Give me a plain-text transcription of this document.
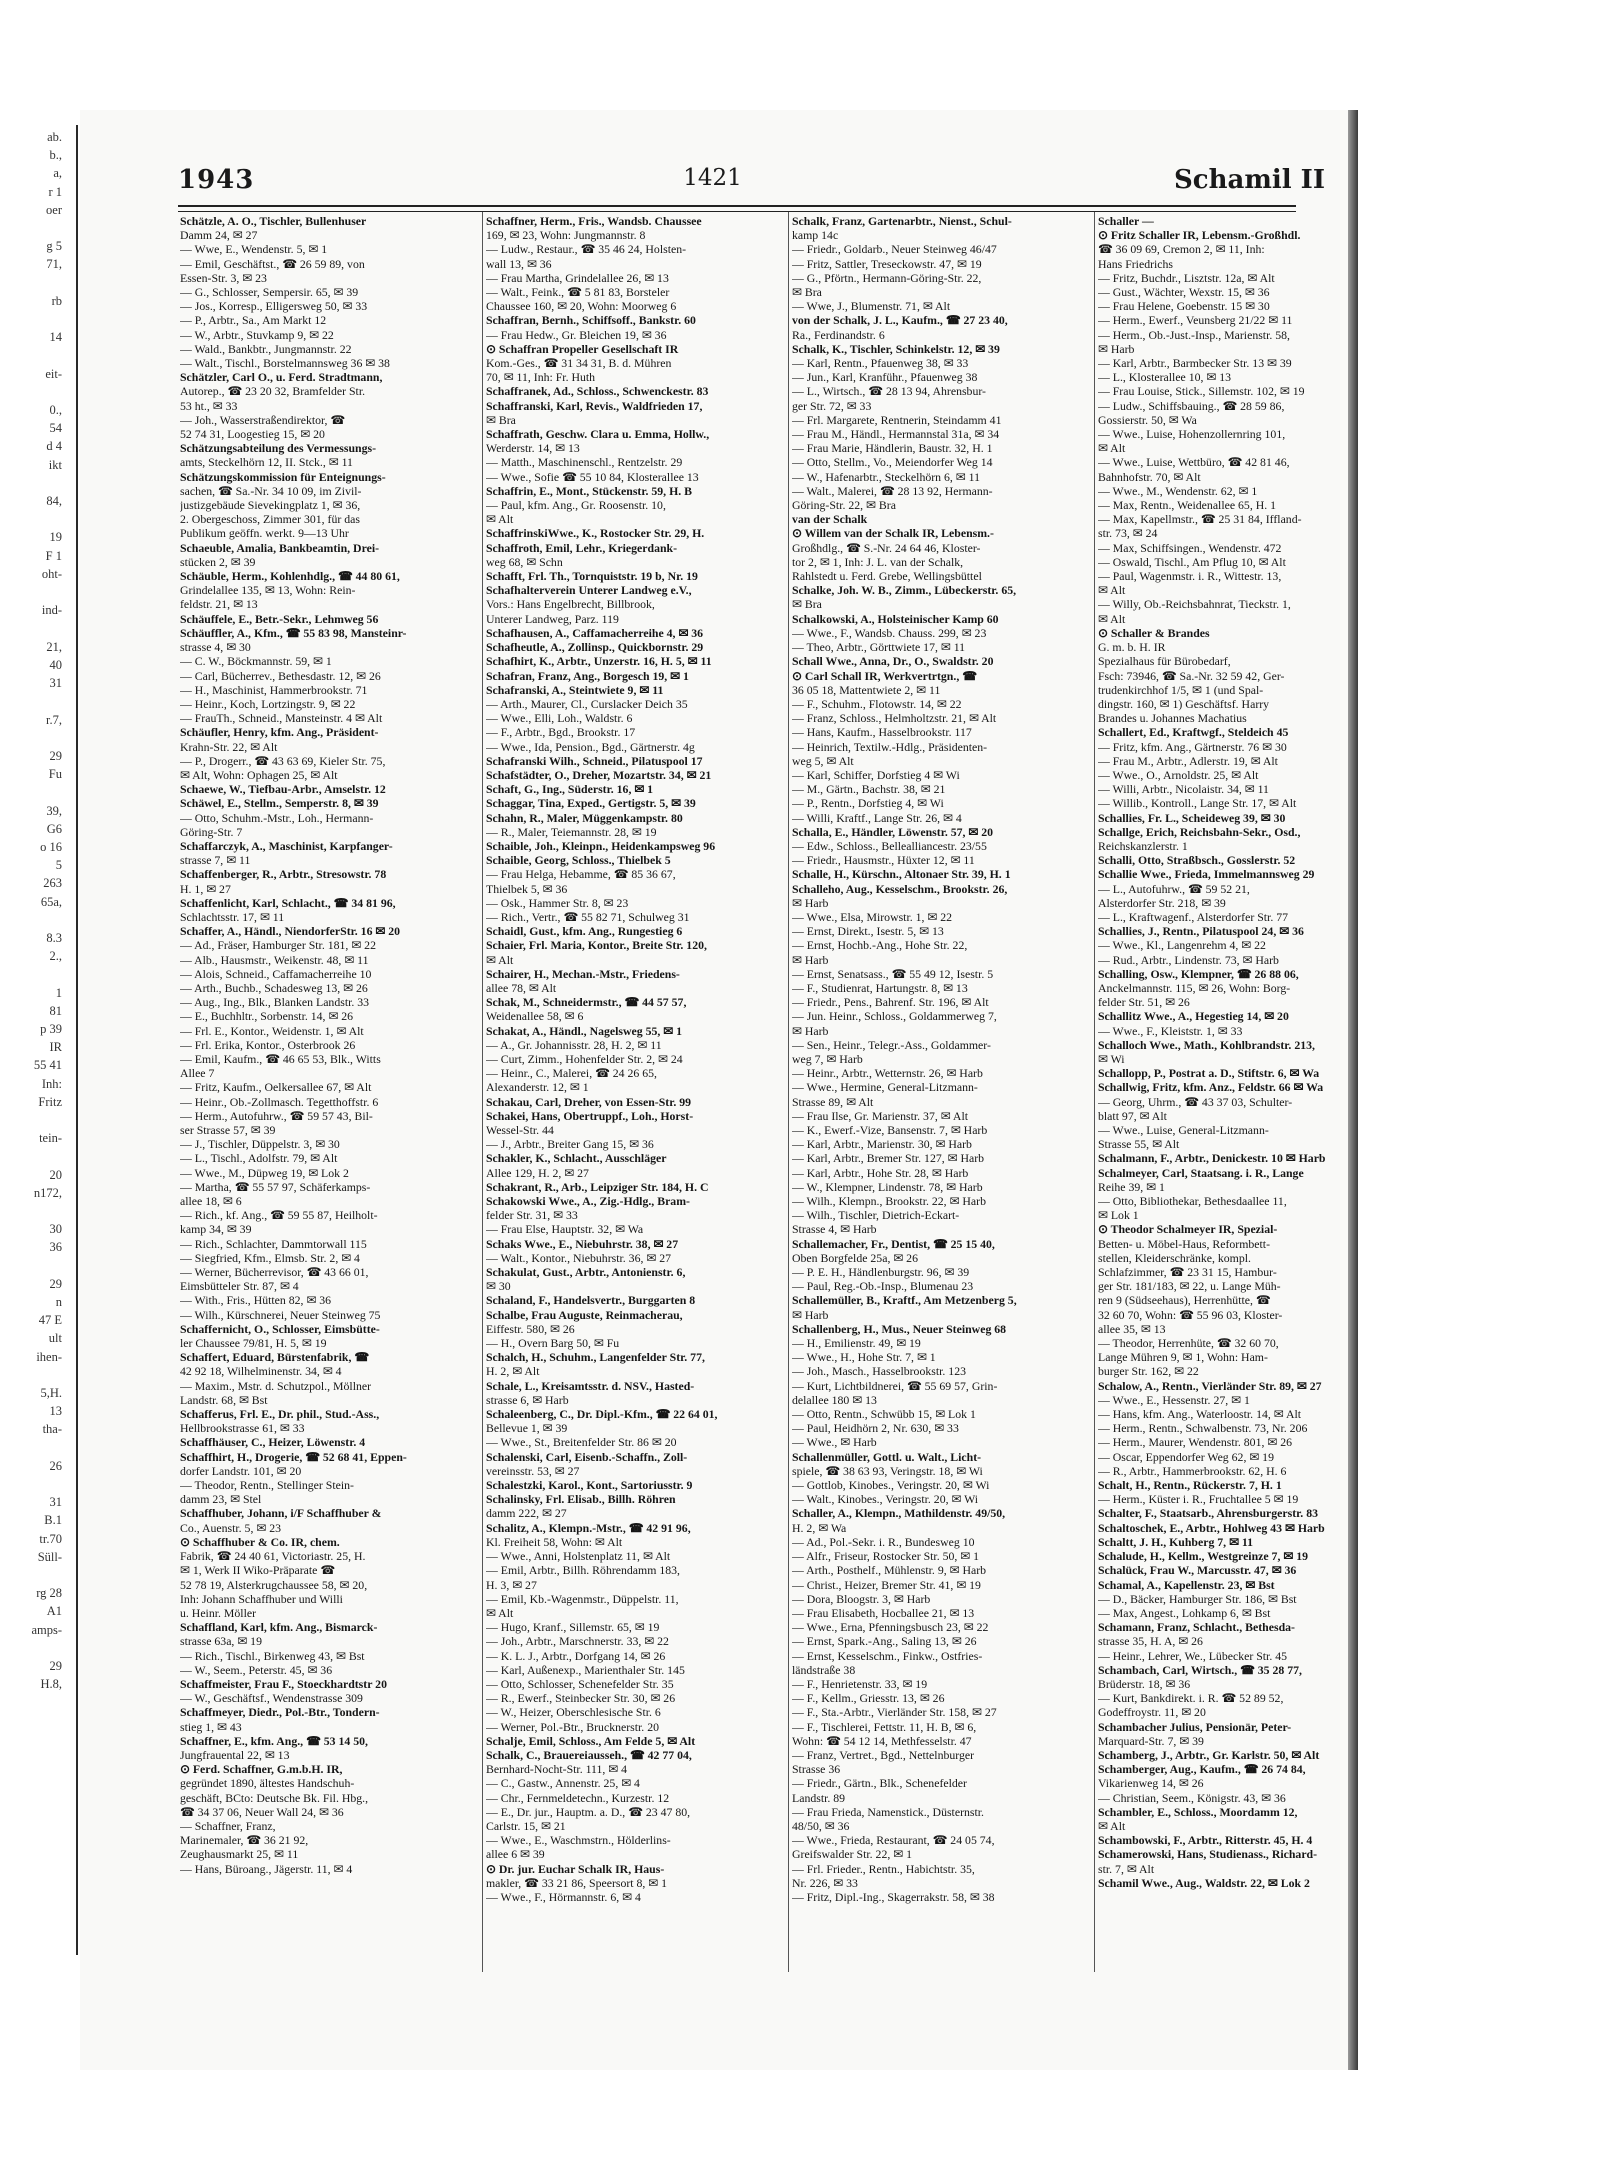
ab.
b.,
a,
r 1
oer

g 5
71,

rb

14

eit-

0.,
54
d 4
ikt

84,

19
F 1
oht-

ind-

21,
40
31

r.7,

29
Fu

39,
G6
o 16
5
263
65a,

8.3
2.,

1
81
p 39
IR
55 41
Inh:
Fritz

tein-

20
n172,

30
36

29
n
47 E
ult
ihen-

5,H.
13
tha-

26

31
B.1
tr.70
Süll-

rg 28
A1
amps-

29
H.8,
1943	1421	Schamil II
Schätzle, A. O., Tischler, Bullenhuser
Damm 24, ✉ 27
— Wwe, E., Wendenstr. 5, ✉ 1
— Emil, Geschäftst., ☎ 26 59 89, von
Essen-Str. 3, ✉ 23
— G., Schlosser, Sempersir. 65, ✉ 39
— Jos., Korresp., Elligersweg 50, ✉ 33
— P., Arbtr., Sa., Am Markt 12
— W., Arbtr., Stuvkamp 9, ✉ 22
— Wald., Bankbtr., Jungmannstr. 22
— Walt., Tischl., Borstelmannsweg 36 ✉ 38
Schätzler, Carl O., u. Ferd. Stradtmann,
Autorep., ☎ 23 20 32, Bramfelder Str.
53 ht., ✉ 33
— Joh., Wasserstraßendirektor, ☎
52 74 31, Loogestieg 15, ✉ 20
Schätzungsabteilung des Vermessungs-
amts, Steckelhörn 12, II. Stck., ✉ 11
Schätzungskommission für Enteignungs-
sachen, ☎ Sa.-Nr. 34 10 09, im Zivil-
justizgebäude Sievekingplatz 1, ✉ 36,
2. Obergeschoss, Zimmer 301, für das
Publikum geöffn. werkt. 9—13 Uhr
Schaeuble, Amalia, Bankbeamtin, Drei-
stücken 2, ✉ 39
Schäuble, Herm., Kohlenhdlg., ☎ 44 80 61,
Grindelallee 135, ✉ 13, Wohn: Rein-
feldstr. 21, ✉ 13
Schäuffele, E., Betr.-Sekr., Lehmweg 56
Schäuffler, A., Kfm., ☎ 55 83 98, Mansteinr-
strasse 4, ✉ 30
— C. W., Böckmannstr. 59, ✉ 1
— Carl, Bücherrev., Bethesdastr. 12, ✉ 26
— H., Maschinist, Hammerbrookstr. 71
— Heinr., Koch, Lortzingstr. 9, ✉ 22
— FrauTh., Schneid., Mansteinstr. 4 ✉ Alt
Schäufler, Henry, kfm. Ang., Präsident-
Krahn-Str. 22, ✉ Alt
— P., Drogerr., ☎ 43 63 69, Kieler Str. 75,
✉ Alt, Wohn: Ophagen 25, ✉ Alt
Schaewe, W., Tiefbau-Arbr., Amselstr. 12
Schäwel, E., Stellm., Semperstr. 8, ✉ 39
— Otto, Schuhm.-Mstr., Loh., Hermann-
Göring-Str. 7
Schaffarczyk, A., Maschinist, Karpfanger-
strasse 7, ✉ 11
Schaffenberger, R., Arbtr., Stresowstr. 78
H. 1, ✉ 27
Schaffenlicht, Karl, Schlacht., ☎ 34 81 96,
Schlachtsstr. 17, ✉ 11
Schaffer, A., Händl., NiendorferStr. 16 ✉ 20
— Ad., Fräser, Hamburger Str. 181, ✉ 22
— Alb., Hausmstr., Weikenstr. 48, ✉ 11
— Alois, Schneid., Caffamacherreihe 10
— Arth., Buchb., Schadesweg 13, ✉ 26
— Aug., Ing., Blk., Blanken Landstr. 33
— E., Buchhltr., Sorbenstr. 14, ✉ 26
— Frl. E., Kontor., Weidenstr. 1, ✉ Alt
— Frl. Erika, Kontor., Osterbrook 26
— Emil, Kaufm., ☎ 46 65 53, Blk., Witts
Allee 7
— Fritz, Kaufm., Oelkersallee 67, ✉ Alt
— Heinr., Ob.-Zollmasch. Tegetthoffstr. 6
— Herm., Autofuhrw., ☎ 59 57 43, Bil-
ser Strasse 57, ✉ 39
— J., Tischler, Düppelstr. 3, ✉ 30
— L., Tischl., Adolfstr. 79, ✉ Alt
— Wwe., M., Düpweg 19, ✉ Lok 2
— Martha, ☎ 55 57 97, Schäferkamps-
allee 18, ✉ 6
— Rich., kf. Ang., ☎ 59 55 87, Heilholt-
kamp 34, ✉ 39
— Rich., Schlachter, Dammtorwall 115
— Siegfried, Kfm., Elmsb. Str. 2, ✉ 4
— Werner, Bücherrevisor, ☎ 43 66 01,
Eimsbütteler Str. 87, ✉ 4
— With., Fris., Hütten 82, ✉ 36
— Wilh., Kürschnerei, Neuer Steinweg 75
Schaffernicht, O., Schlosser, Eimsbütte-
ler Chaussee 79/81, H. 5, ✉ 19
Schaffert, Eduard, Bürstenfabrik, ☎
42 92 18, Wilhelminenstr. 34, ✉ 4
— Maxim., Mstr. d. Schutzpol., Möllner
Landstr. 68, ✉ Bst
Schafferus, Frl. E., Dr. phil., Stud.-Ass.,
Hellbrookstrasse 61, ✉ 33
Schaffhäuser, C., Heizer, Löwenstr. 4
Schaffhirt, H., Drogerie, ☎ 52 68 41, Eppen-
dorfer Landstr. 101, ✉ 20
— Theodor, Rentn., Stellinger Stein-
damm 23, ✉ Stel
Schaffhuber, Johann, i/F Schaffhuber &
Co., Auenstr. 5, ✉ 23
⊙ Schaffhuber & Co. IR, chem.
Fabrik, ☎ 24 40 61, Victoriastr. 25, H.
✉ 1, Werk II Wiko-Präparate ☎
52 78 19, Alsterkrugchaussee 58, ✉ 20,
Inh: Johann Schaffhuber und Willi
u. Heinr. Möller
Schaffland, Karl, kfm. Ang., Bismarck-
strasse 63a, ✉ 19
— Rich., Tischl., Birkenweg 43, ✉ Bst
— W., Seem., Peterstr. 45, ✉ 36
Schaffmeister, Frau F., Stoeckhardtstr 20
— W., Geschäftsf., Wendenstrasse 309
Schaffmeyer, Diedr., Pol.-Btr., Tondern-
stieg 1, ✉ 43
Schaffner, E., kfm. Ang., ☎ 53 14 50,
Jungfrauental 22, ✉ 13
⊙ Ferd. Schaffner, G.m.b.H. IR,
gegründet 1890, ältestes Handschuh-
geschäft, BCto: Deutsche Bk. Fil. Hbg.,
☎ 34 37 06, Neuer Wall 24, ✉ 36
— Schaffner, Franz,
Marinemaler, ☎ 36 21 92,
Zeughausmarkt 25, ✉ 11
— Hans, Büroang., Jägerstr. 11, ✉ 4
Schaffner, Herm., Fris., Wandsb. Chaussee
169, ✉ 23, Wohn: Jungmannstr. 8
— Ludw., Restaur., ☎ 35 46 24, Holsten-
wall 13, ✉ 36
— Frau Martha, Grindelallee 26, ✉ 13
— Walt., Feink., ☎ 5 81 83, Borsteler
Chaussee 160, ✉ 20, Wohn: Moorweg 6
Schaffran, Bernh., Schiffsoff., Bankstr. 60
— Frau Hedw., Gr. Bleichen 19, ✉ 36
⊙ Schaffran Propeller Gesellschaft IR
Kom.-Ges., ☎ 31 34 31, B. d. Mühren
70, ✉ 11, Inh: Fr. Huth
Schaffranek, Ad., Schloss., Schwenckestr. 83
Schaffranski, Karl, Revis., Waldfrieden 17,
✉ Bra
Schaffrath, Geschw. Clara u. Emma, Hollw.,
Werderstr. 14, ✉ 13
— Matth., Maschinenschl., Rentzelstr. 29
— Wwe., Sofie ☎ 55 10 84, Klosterallee 13
Schaffrin, E., Mont., Stückenstr. 59, H. B
— Paul, kfm. Ang., Gr. Roosenstr. 10,
✉ Alt
SchaffrinskiWwe., K., Rostocker Str. 29, H.
Schaffroth, Emil, Lehr., Kriegerdank-
weg 68, ✉ Schn
Schafft, Frl. Th., Tornquiststr. 19 b, Nr. 19
Schafhalterverein Unterer Landweg e.V.,
Vors.: Hans Engelbrecht, Billbrook,
Unterer Landweg, Parz. 119
Schafhausen, A., Caffamacherreihe 4, ✉ 36
Schafheutle, A., Zollinsp., Quickbornstr. 29
Schafhirt, K., Arbtr., Unzerstr. 16, H. 5, ✉ 11
Schafran, Franz, Ang., Borgesch 19, ✉ 1
Schafranski, A., Steintwiete 9, ✉ 11
— Arth., Maurer, Cl., Curslacker Deich 35
— Wwe., Elli, Loh., Waldstr. 6
— F., Arbtr., Bgd., Brookstr. 17
— Wwe., Ida, Pension., Bgd., Gärtnerstr. 4g
Schafranski Wilh., Schneid., Pilatuspool 17
Schafstädter, O., Dreher, Mozartstr. 34, ✉ 21
Schaft, G., Ing., Süderstr. 16, ✉ 1
Schaggar, Tina, Exped., Gertigstr. 5, ✉ 39
Schahn, R., Maler, Müggenkampstr. 80
— R., Maler, Teiemannstr. 28, ✉ 19
Schaible, Joh., Kleinpn., Heidenkampsweg 96
Schaible, Georg, Schloss., Thielbek 5
— Frau Helga, Hebamme, ☎ 85 36 67,
Thielbek 5, ✉ 36
— Osk., Hammer Str. 8, ✉ 23
— Rich., Vertr., ☎ 55 82 71, Schulweg 31
Schaidl, Gust., kfm. Ang., Rungestieg 6
Schaier, Frl. Maria, Kontor., Breite Str. 120,
✉ Alt
Schairer, H., Mechan.-Mstr., Friedens-
allee 78, ✉ Alt
Schak, M., Schneidermstr., ☎ 44 57 57,
Weidenallee 58, ✉ 6
Schakat, A., Händl., Nagelsweg 55, ✉ 1
— A., Gr. Johannisstr. 28, H. 2, ✉ 11
— Curt, Zimm., Hohenfelder Str. 2, ✉ 24
— Heinr., C., Malerei, ☎ 24 26 65,
Alexanderstr. 12, ✉ 1
Schakau, Carl, Dreher, von Essen-Str. 99
Schakei, Hans, Obertruppf., Loh., Horst-
Wessel-Str. 44
— J., Arbtr., Breiter Gang 15, ✉ 36
Schakler, K., Schlacht., Ausschläger
Allee 129, H. 2, ✉ 27
Schakrant, R., Arb., Leipziger Str. 184, H. C
Schakowski Wwe., A., Zig.-Hdlg., Bram-
felder Str. 31, ✉ 33
— Frau Else, Hauptstr. 32, ✉ Wa
Schaks Wwe., E., Niebuhrstr. 38, ✉ 27
— Walt., Kontor., Niebuhrstr. 36, ✉ 27
Schakulat, Gust., Arbtr., Antonienstr. 6,
✉ 30
Schaland, F., Handelsvertr., Burggarten 8
Schalbe, Frau Auguste, Reinmacherau,
Eiffestr. 580, ✉ 26
— H., Overn Barg 50, ✉ Fu
Schalch, H., Schuhm., Langenfelder Str. 77,
H. 2, ✉ Alt
Schale, L., Kreisamtsstr. d. NSV., Hasted-
strasse 6, ✉ Harb
Schaleenberg, C., Dr. Dipl.-Kfm., ☎ 22 64 01,
Bellevue 1, ✉ 39
— Wwe., St., Breitenfelder Str. 86 ✉ 20
Schalenski, Carl, Eisenb.-Schaffn., Zoll-
vereinsstr. 53, ✉ 27
Schalestzki, Karol., Kont., Sartoriusstr. 9
Schalinsky, Frl. Elisab., Billh. Röhren
damm 222, ✉ 27
Schalitz, A., Klempn.-Mstr., ☎ 42 91 96,
Kl. Freiheit 58, Wohn: ✉ Alt
— Wwe., Anni, Holstenplatz 11, ✉ Alt
— Emil, Arbtr., Billh. Röhrendamm 183,
H. 3, ✉ 27
— Emil, Kb.-Wagenmstr., Düppelstr. 11,
✉ Alt
— Hugo, Kranf., Sillemstr. 65, ✉ 19
— Joh., Arbtr., Marschnerstr. 33, ✉ 22
— K. L. J., Arbtr., Dorfgang 14, ✉ 26
— Karl, Außenexp., Marienthaler Str. 145
— Otto, Schlosser, Schenefelder Str. 35
— R., Ewerf., Steinbecker Str. 30, ✉ 26
— W., Heizer, Oberschlesische Str. 6
— Werner, Pol.-Btr., Brucknerstr. 20
Schalje, Emil, Schloss., Am Felde 5, ✉ Alt
Schalk, C., Brauereiausseh., ☎ 42 77 04,
Bernhard-Nocht-Str. 111, ✉ 4
— C., Gastw., Annenstr. 25, ✉ 4
— Chr., Fernmeldetechn., Kurzestr. 12
— E., Dr. jur., Hauptm. a. D., ☎ 23 47 80,
Carlstr. 15, ✉ 21
— Wwe., E., Waschmstrn., Hölderlins-
allee 6 ✉ 39
⊙ Dr. jur. Euchar Schalk IR, Haus-
makler, ☎ 33 21 86, Speersort 8, ✉ 1
— Wwe., F., Hörmannstr. 6, ✉ 4
Schalk, Franz, Gartenarbtr., Nienst., Schul-
kamp 14c
— Friedr., Goldarb., Neuer Steinweg 46/47
— Fritz, Sattler, Treseckowstr. 47, ✉ 19
— G., Pförtn., Hermann-Göring-Str. 22,
✉ Bra
— Wwe, J., Blumenstr. 71, ✉ Alt
von der Schalk, J. L., Kaufm., ☎ 27 23 40,
Ra., Ferdinandstr. 6
Schalk, K., Tischler, Schinkelstr. 12, ✉ 39
— Karl, Rentn., Pfauenweg 38, ✉ 33
— Jun., Karl, Kranführ., Pfauenweg 38
— L., Wirtsch., ☎ 28 13 94, Ahrensbur-
ger Str. 72, ✉ 33
— Frl. Margarete, Rentnerin, Steindamm 41
— Frau M., Händl., Hermannstal 31a, ✉ 34
— Frau Marie, Händlerin, Baustr. 32, H. 1
— Otto, Stellm., Vo., Meiendorfer Weg 14
— W., Hafenarbtr., Steckelhörn 6, ✉ 11
— Walt., Malerei, ☎ 28 13 92, Hermann-
Göring-Str. 22, ✉ Bra
van der Schalk
⊙ Willem van der Schalk IR, Lebensm.-
Großhdlg., ☎ S.-Nr. 24 64 46, Kloster-
tor 2, ✉ 1, Inh: J. L. van der Schalk,
Rahlstedt u. Ferd. Grebe, Wellingsbüttel
Schalke, Joh. W. B., Zimm., Lübeckerstr. 65,
✉ Bra
Schalkowski, A., Holsteinischer Kamp 60
— Wwe., F., Wandsb. Chauss. 299, ✉ 23
— Theo, Arbtr., Görttwiete 17, ✉ 11
Schall Wwe., Anna, Dr., O., Swaldstr. 20
⊙ Carl Schall IR, Werkvertrtgn., ☎
36 05 18, Mattentwiete 2, ✉ 11
— F., Schuhm., Flotowstr. 14, ✉ 22
— Franz, Schloss., Helmholtzstr. 21, ✉ Alt
— Hans, Kaufm., Hasselbrookstr. 117
— Heinrich, Textilw.-Hdlg., Präsidenten-
weg 5, ✉ Alt
— Karl, Schiffer, Dorfstieg 4 ✉ Wi
— M., Gärtn., Bachstr. 38, ✉ 21
— P., Rentn., Dorfstieg 4, ✉ Wi
— Willi, Kraftf., Lange Str. 26, ✉ 4
Schalla, E., Händler, Löwenstr. 57, ✉ 20
— Edw., Schloss., Bellealliancestr. 23/55
— Friedr., Hausmstr., Hüxter 12, ✉ 11
Schalle, H., Kürschn., Altonaer Str. 39, H. 1
Schalleho, Aug., Kesselschm., Brookstr. 26,
✉ Harb
— Wwe., Elsa, Mirowstr. 1, ✉ 22
— Ernst, Direkt., Isestr. 5, ✉ 13
— Ernst, Hochb.-Ang., Hohe Str. 22,
✉ Harb
— Ernst, Senatsass., ☎ 55 49 12, Isestr. 5
— F., Studienrat, Hartungstr. 8, ✉ 13
— Friedr., Pens., Bahrenf. Str. 196, ✉ Alt
— Jun. Heinr., Schloss., Goldammerweg 7,
✉ Harb
— Sen., Heinr., Telegr.-Ass., Goldammer-
weg 7, ✉ Harb
— Heinr., Arbtr., Wetternstr. 26, ✉ Harb
— Wwe., Hermine, General-Litzmann-
Strasse 89, ✉ Alt
— Frau Ilse, Gr. Marienstr. 37, ✉ Alt
— K., Ewerf.-Vize, Bansenstr. 7, ✉ Harb
— Karl, Arbtr., Marienstr. 30, ✉ Harb
— Karl, Arbtr., Bremer Str. 127, ✉ Harb
— Karl, Arbtr., Hohe Str. 28, ✉ Harb
— W., Klempner, Lindenstr. 78, ✉ Harb
— Wilh., Klempn., Brookstr. 22, ✉ Harb
— Wilh., Tischler, Dietrich-Eckart-
Strasse 4, ✉ Harb
Schallemacher, Fr., Dentist, ☎ 25 15 40,
Oben Borgfelde 25a, ✉ 26
— P. E. H., Händlenburgstr. 96, ✉ 39
— Paul, Reg.-Ob.-Insp., Blumenau 23
Schallemüller, B., Kraftf., Am Metzenberg 5,
✉ Harb
Schallenberg, H., Mus., Neuer Steinweg 68
— H., Emilienstr. 49, ✉ 19
— Wwe., H., Hohe Str. 7, ✉ 1
— Joh., Masch., Hasselbrookstr. 123
— Kurt, Lichtbildnerei, ☎ 55 69 57, Grin-
delallee 180 ✉ 13
— Otto, Rentn., Schwübb 15, ✉ Lok 1
— Paul, Heidhörn 2, Nr. 630, ✉ 33
— Wwe., ✉ Harb
Schallenmüller, Gottl. u. Walt., Licht-
spiele, ☎ 38 63 93, Veringstr. 18, ✉ Wi
— Gottlob, Kinobes., Veringstr. 20, ✉ Wi
— Walt., Kinobes., Veringstr. 20, ✉ Wi
Schaller, A., Klempn., Mathildenstr. 49/50,
H. 2, ✉ Wa
— Ad., Pol.-Sekr. i. R., Bundesweg 10
— Alfr., Friseur, Rostocker Str. 50, ✉ 1
— Arth., Posthelf., Mühlenstr. 9, ✉ Harb
— Christ., Heizer, Bremer Str. 41, ✉ 19
— Dora, Bloogstr. 3, ✉ Harb
— Frau Elisabeth, Hocballee 21, ✉ 13
— Wwe., Erna, Pfenningsbusch 23, ✉ 22
— Ernst, Spark.-Ang., Saling 13, ✉ 26
— Ernst, Kesselschm., Finkw., Ostfries-
ländstraße 38
— F., Henrietenstr. 33, ✉ 19
— F., Kellm., Griesstr. 13, ✉ 26
— F., Sta.-Arbtr., Vierländer Str. 158, ✉ 27
— F., Tischlerei, Fettstr. 11, H. B, ✉ 6,
Wohn: ☎ 54 12 14, Methfesselstr. 47
— Franz, Vertret., Bgd., Nettelnburger
Strasse 36
— Friedr., Gärtn., Blk., Schenefelder
Landstr. 89
— Frau Frieda, Namenstick., Düsternstr.
48/50, ✉ 36
— Wwe., Frieda, Restaurant, ☎ 24 05 74,
Greifswalder Str. 22, ✉ 1
— Frl. Frieder., Rentn., Habichtstr. 35,
Nr. 226, ✉ 33
— Fritz, Dipl.-Ing., Skagerrakstr. 58, ✉ 38
Schaller —
⊙ Fritz Schaller IR, Lebensm.-Großhdl.
☎ 36 09 69, Cremon 2, ✉ 11, Inh:
Hans Friedrichs
— Fritz, Buchdr., Lisztstr. 12a, ✉ Alt
— Gust., Wächter, Wexstr. 15, ✉ 36
— Frau Helene, Goebenstr. 15 ✉ 30
— Herm., Ewerf., Veunsberg 21/22 ✉ 11
— Herm., Ob.-Just.-Insp., Marienstr. 58,
✉ Harb
— Karl, Arbtr., Barmbecker Str. 13 ✉ 39
— L., Klosterallee 10, ✉ 13
— Frau Louise, Stick., Sillemstr. 102, ✉ 19
— Ludw., Schiffsbauing., ☎ 28 59 86,
Gossierstr. 50, ✉ Wa
— Wwe., Luise, Hohenzollernring 101,
✉ Alt
— Wwe., Luise, Wettbüro, ☎ 42 81 46,
Bahnhofstr. 70, ✉ Alt
— Wwe., M., Wendenstr. 62, ✉ 1
— Max, Rentn., Weidenallee 65, H. 1
— Max, Kapellmstr., ☎ 25 31 84, Iffland-
str. 73, ✉ 24
— Max, Schiffsingen., Wendenstr. 472
— Oswald, Tischl., Am Pflug 10, ✉ Alt
— Paul, Wagenmstr. i. R., Wittestr. 13,
✉ Alt
— Willy, Ob.-Reichsbahnrat, Tieckstr. 1,
✉ Alt
⊙ Schaller & Brandes
G. m. b. H. IR
Spezialhaus für Bürobedarf,
Fsch: 73946, ☎ Sa.-Nr. 32 59 42, Ger-
trudenkirchhof 1/5, ✉ 1 (und Spal-
dingstr. 160, ✉ 1) Geschäftsf. Harry
Brandes u. Johannes Machatius
Schallert, Ed., Kraftwgf., Steldeich 45
— Fritz, kfm. Ang., Gärtnerstr. 76 ✉ 30
— Frau M., Arbtr., Adlerstr. 19, ✉ Alt
— Wwe., O., Arnoldstr. 25, ✉ Alt
— Willi, Arbtr., Nicolaistr. 34, ✉ 11
— Willib., Kontroll., Lange Str. 17, ✉ Alt
Schallies, Fr. L., Scheideweg 39, ✉ 30
Schallge, Erich, Reichsbahn-Sekr., Osd.,
Reichskanzlerstr. 1
Schalli, Otto, Straßbsch., Gosslerstr. 52
Schallie Wwe., Frieda, Immelmannsweg 29
— L., Autofuhrw., ☎ 59 52 21,
Alsterdorfer Str. 218, ✉ 39
— L., Kraftwagenf., Alsterdorfer Str. 77
Schallies, J., Rentn., Pilatuspool 24, ✉ 36
— Wwe., Kl., Langenrehm 4, ✉ 22
— Rud., Arbtr., Lindenstr. 73, ✉ Harb
Schalling, Osw., Klempner, ☎ 26 88 06,
Anckelmannstr. 115, ✉ 26, Wohn: Borg-
felder Str. 51, ✉ 26
Schallitz Wwe., A., Hegestieg 14, ✉ 20
— Wwe., F., Kleiststr. 1, ✉ 33
Schalloch Wwe., Math., Kohlbrandstr. 213,
✉ Wi
Schallopp, P., Postrat a. D., Stiftstr. 6, ✉ Wa
Schallwig, Fritz, kfm. Anz., Feldstr. 66 ✉ Wa
— Georg, Uhrm., ☎ 43 37 03, Schulter-
blatt 97, ✉ Alt
— Wwe., Luise, General-Litzmann-
Strasse 55, ✉ Alt
Schalmann, F., Arbtr., Denickestr. 10 ✉ Harb
Schalmeyer, Carl, Staatsang. i. R., Lange
Reihe 39, ✉ 1
— Otto, Bibliothekar, Bethesdaallee 11,
✉ Lok 1
⊙ Theodor Schalmeyer IR, Spezial-
Betten- u. Möbel-Haus, Reformbett-
stellen, Kleiderschränke, kompl.
Schlafzimmer, ☎ 23 31 15, Hambur-
ger Str. 181/183, ✉ 22, u. Lange Müh-
ren 9 (Südseehaus), Herrenhütte, ☎
32 60 70, Wohn: ☎ 55 96 03, Kloster-
allee 35, ✉ 13
— Theodor, Herrenhüte, ☎ 32 60 70,
Lange Mühren 9, ✉ 1, Wohn: Ham-
burger Str. 162, ✉ 22
Schalow, A., Rentn., Vierländer Str. 89, ✉ 27
— Wwe., E., Hessenstr. 27, ✉ 1
— Hans, kfm. Ang., Waterloostr. 14, ✉ Alt
— Herm., Rentn., Schwalbenstr. 73, Nr. 206
— Herm., Maurer, Wendenstr. 801, ✉ 26
— Oscar, Eppendorfer Weg 62, ✉ 19
— R., Arbtr., Hammerbrookstr. 62, H. 6
Schalt, H., Rentn., Rückerstr. 7, H. 1
— Herm., Küster i. R., Fruchtallee 5 ✉ 19
Schalter, F., Staatsarb., Ahrensburgerstr. 83
Schaltoschek, E., Arbtr., Hohlweg 43 ✉ Harb
Schaltt, J. H., Kuhberg 7, ✉ 11
Schalude, H., Kellm., Westgreinze 7, ✉ 19
Schalück, Frau W., Marcusstr. 47, ✉ 36
Schamal, A., Kapellenstr. 23, ✉ Bst
— D., Bäcker, Hamburger Str. 186, ✉ Bst
— Max, Angest., Lohkamp 6, ✉ Bst
Schamann, Franz, Schlacht., Bethesda-
strasse 35, H. A, ✉ 26
— Heinr., Lehrer, We., Lübecker Str. 45
Schambach, Carl, Wirtsch., ☎ 35 28 77,
Brüderstr. 18, ✉ 36
— Kurt, Bankdirekt. i. R. ☎ 52 89 52,
Godeffroystr. 11, ✉ 20
Schambacher Julius, Pensionär, Peter-
Marquard-Str. 7, ✉ 39
Schamberg, J., Arbtr., Gr. Karlstr. 50, ✉ Alt
Schamberger, Aug., Kaufm., ☎ 26 74 84,
Vikarienweg 14, ✉ 26
— Christian, Seem., Königstr. 43, ✉ 36
Schambler, E., Schloss., Moordamm 12,
✉ Alt
Schambowski, F., Arbtr., Ritterstr. 45, H. 4
Schamerowski, Hans, Studienass., Richard-
str. 7, ✉ Alt
Schamil Wwe., Aug., Waldstr. 22, ✉ Lok 2
